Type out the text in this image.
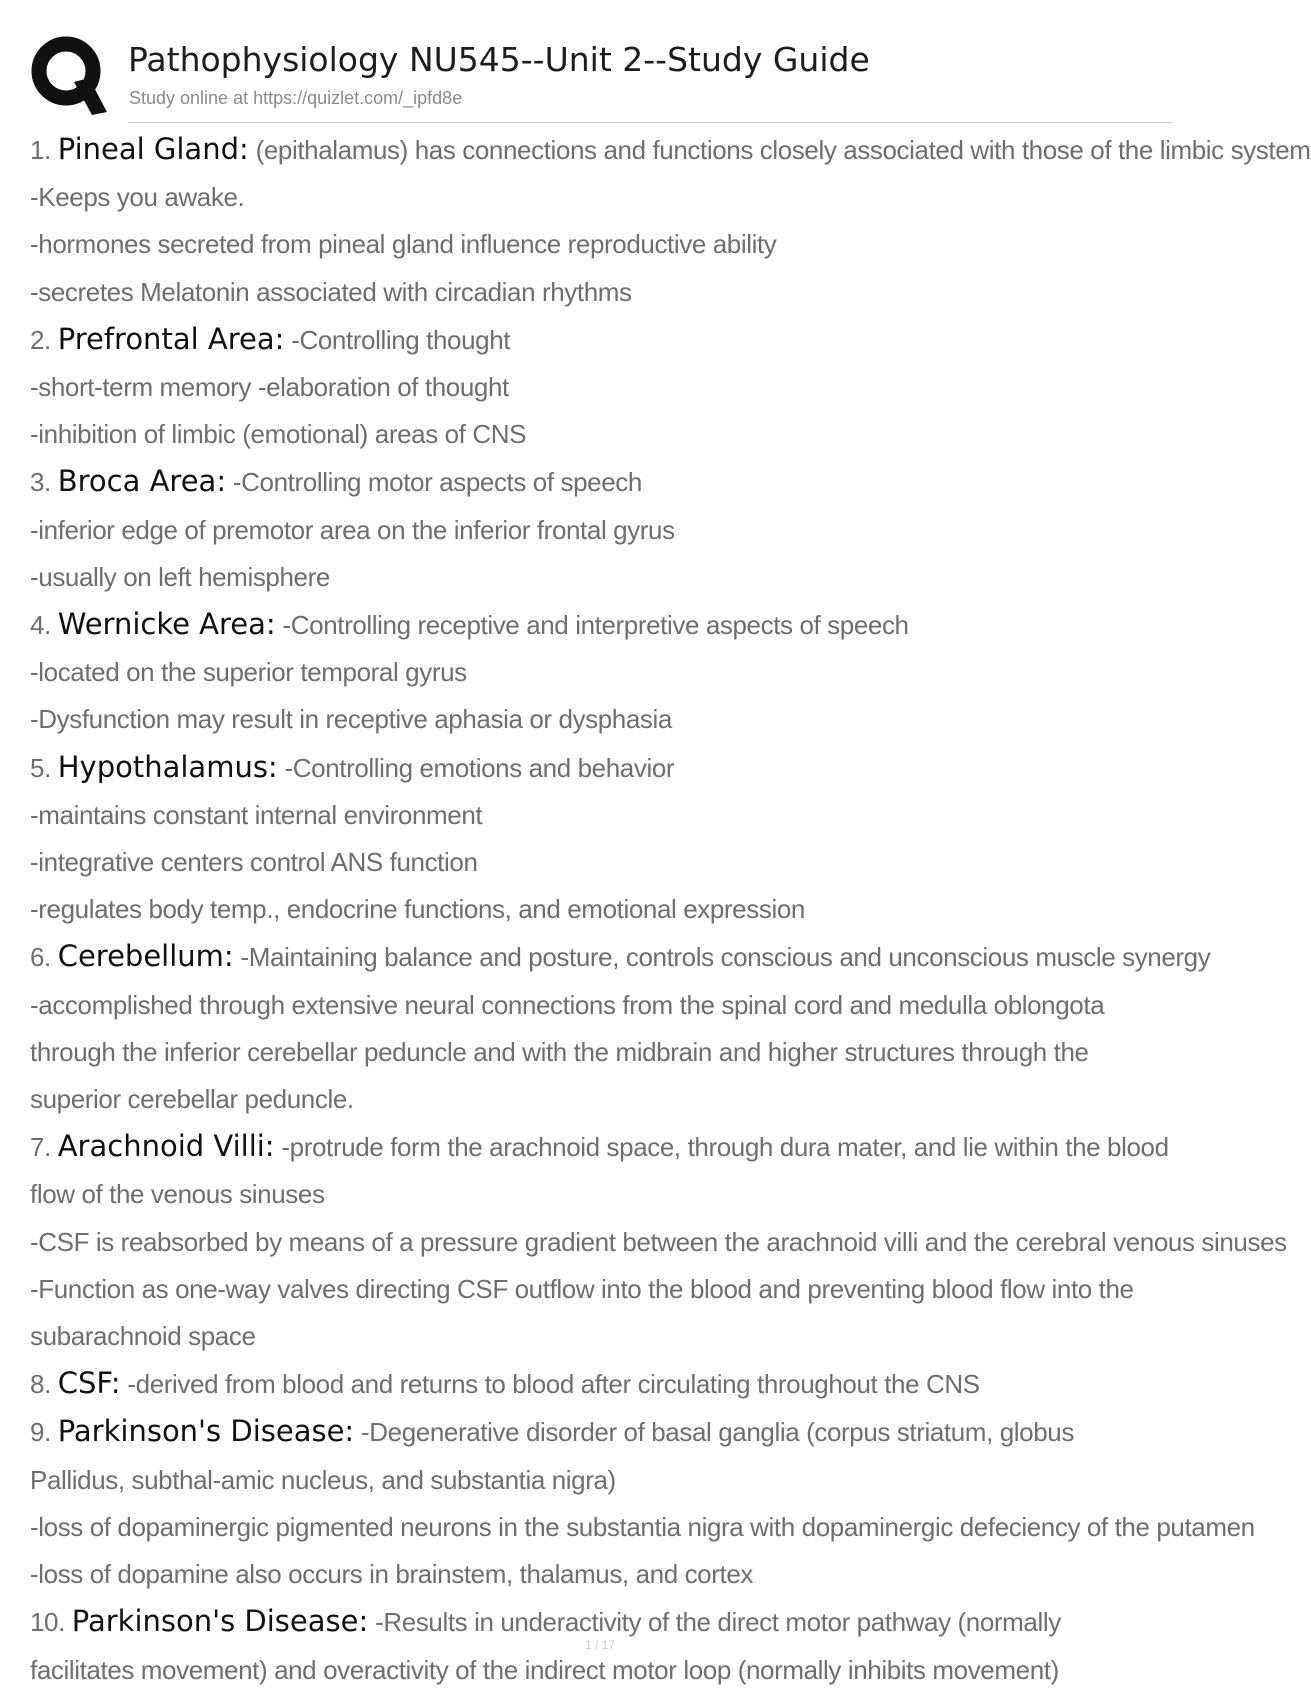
Pathophysiology NU545--Unit 2--Study Guide
Study online at https://quizlet.com/_ipfd8e

1. Pineal Gland: (epithalamus) has connections and functions closely associated with those of the limbic system

-Keeps you awake.

-hormones secreted from pineal gland influence reproductive ability

-secretes Melatonin associated with circadian rhythms

2. Prefrontal Area: -Controlling thought

-short-term memory -elaboration of thought

-inhibition of limbic (emotional) areas of CNS

3. Broca Area: -Controlling motor aspects of speech

-inferior edge of premotor area on the inferior frontal gyrus

-usually on left hemisphere

4. Wernicke Area: -Controlling receptive and interpretive aspects of speech

-located on the superior temporal gyrus

-Dysfunction may result in receptive aphasia or dysphasia

5. Hypothalamus: -Controlling emotions and behavior

-maintains constant internal environment

-integrative centers control ANS function

-regulates body temp., endocrine functions, and emotional expression

6. Cerebellum: -Maintaining balance and posture, controls conscious and unconscious muscle synergy

-accomplished through extensive neural connections from the spinal cord and medulla oblongota through the inferior cerebellar peduncle and with the midbrain and higher structures through the superior cerebellar peduncle.

7. Arachnoid Villi: -protrude form the arachnoid space, through dura mater, and lie within the blood flow of the venous sinuses

-CSF is reabsorbed by means of a pressure gradient between the arachnoid villi and the cerebral venous sinuses

-Function as one-way valves directing CSF outflow into the blood and preventing blood flow into the subarachnoid space

8. CSF: -derived from blood and returns to blood after circulating throughout the CNS

9. Parkinson's Disease: -Degenerative disorder of basal ganglia (corpus striatum, globus Pallidus, subthal-amic nucleus, and substantia nigra)

-loss of dopaminergic pigmented neurons in the substantia nigra with dopaminergic defeciency of the putamen

-loss of dopamine also occurs in brainstem, thalamus, and cortex

10. Parkinson's Disease: -Results in underactivity of the direct motor pathway (normally facilitates movement) and overactivity of the indirect motor loop (normally inhibits movement)

1 / 17
